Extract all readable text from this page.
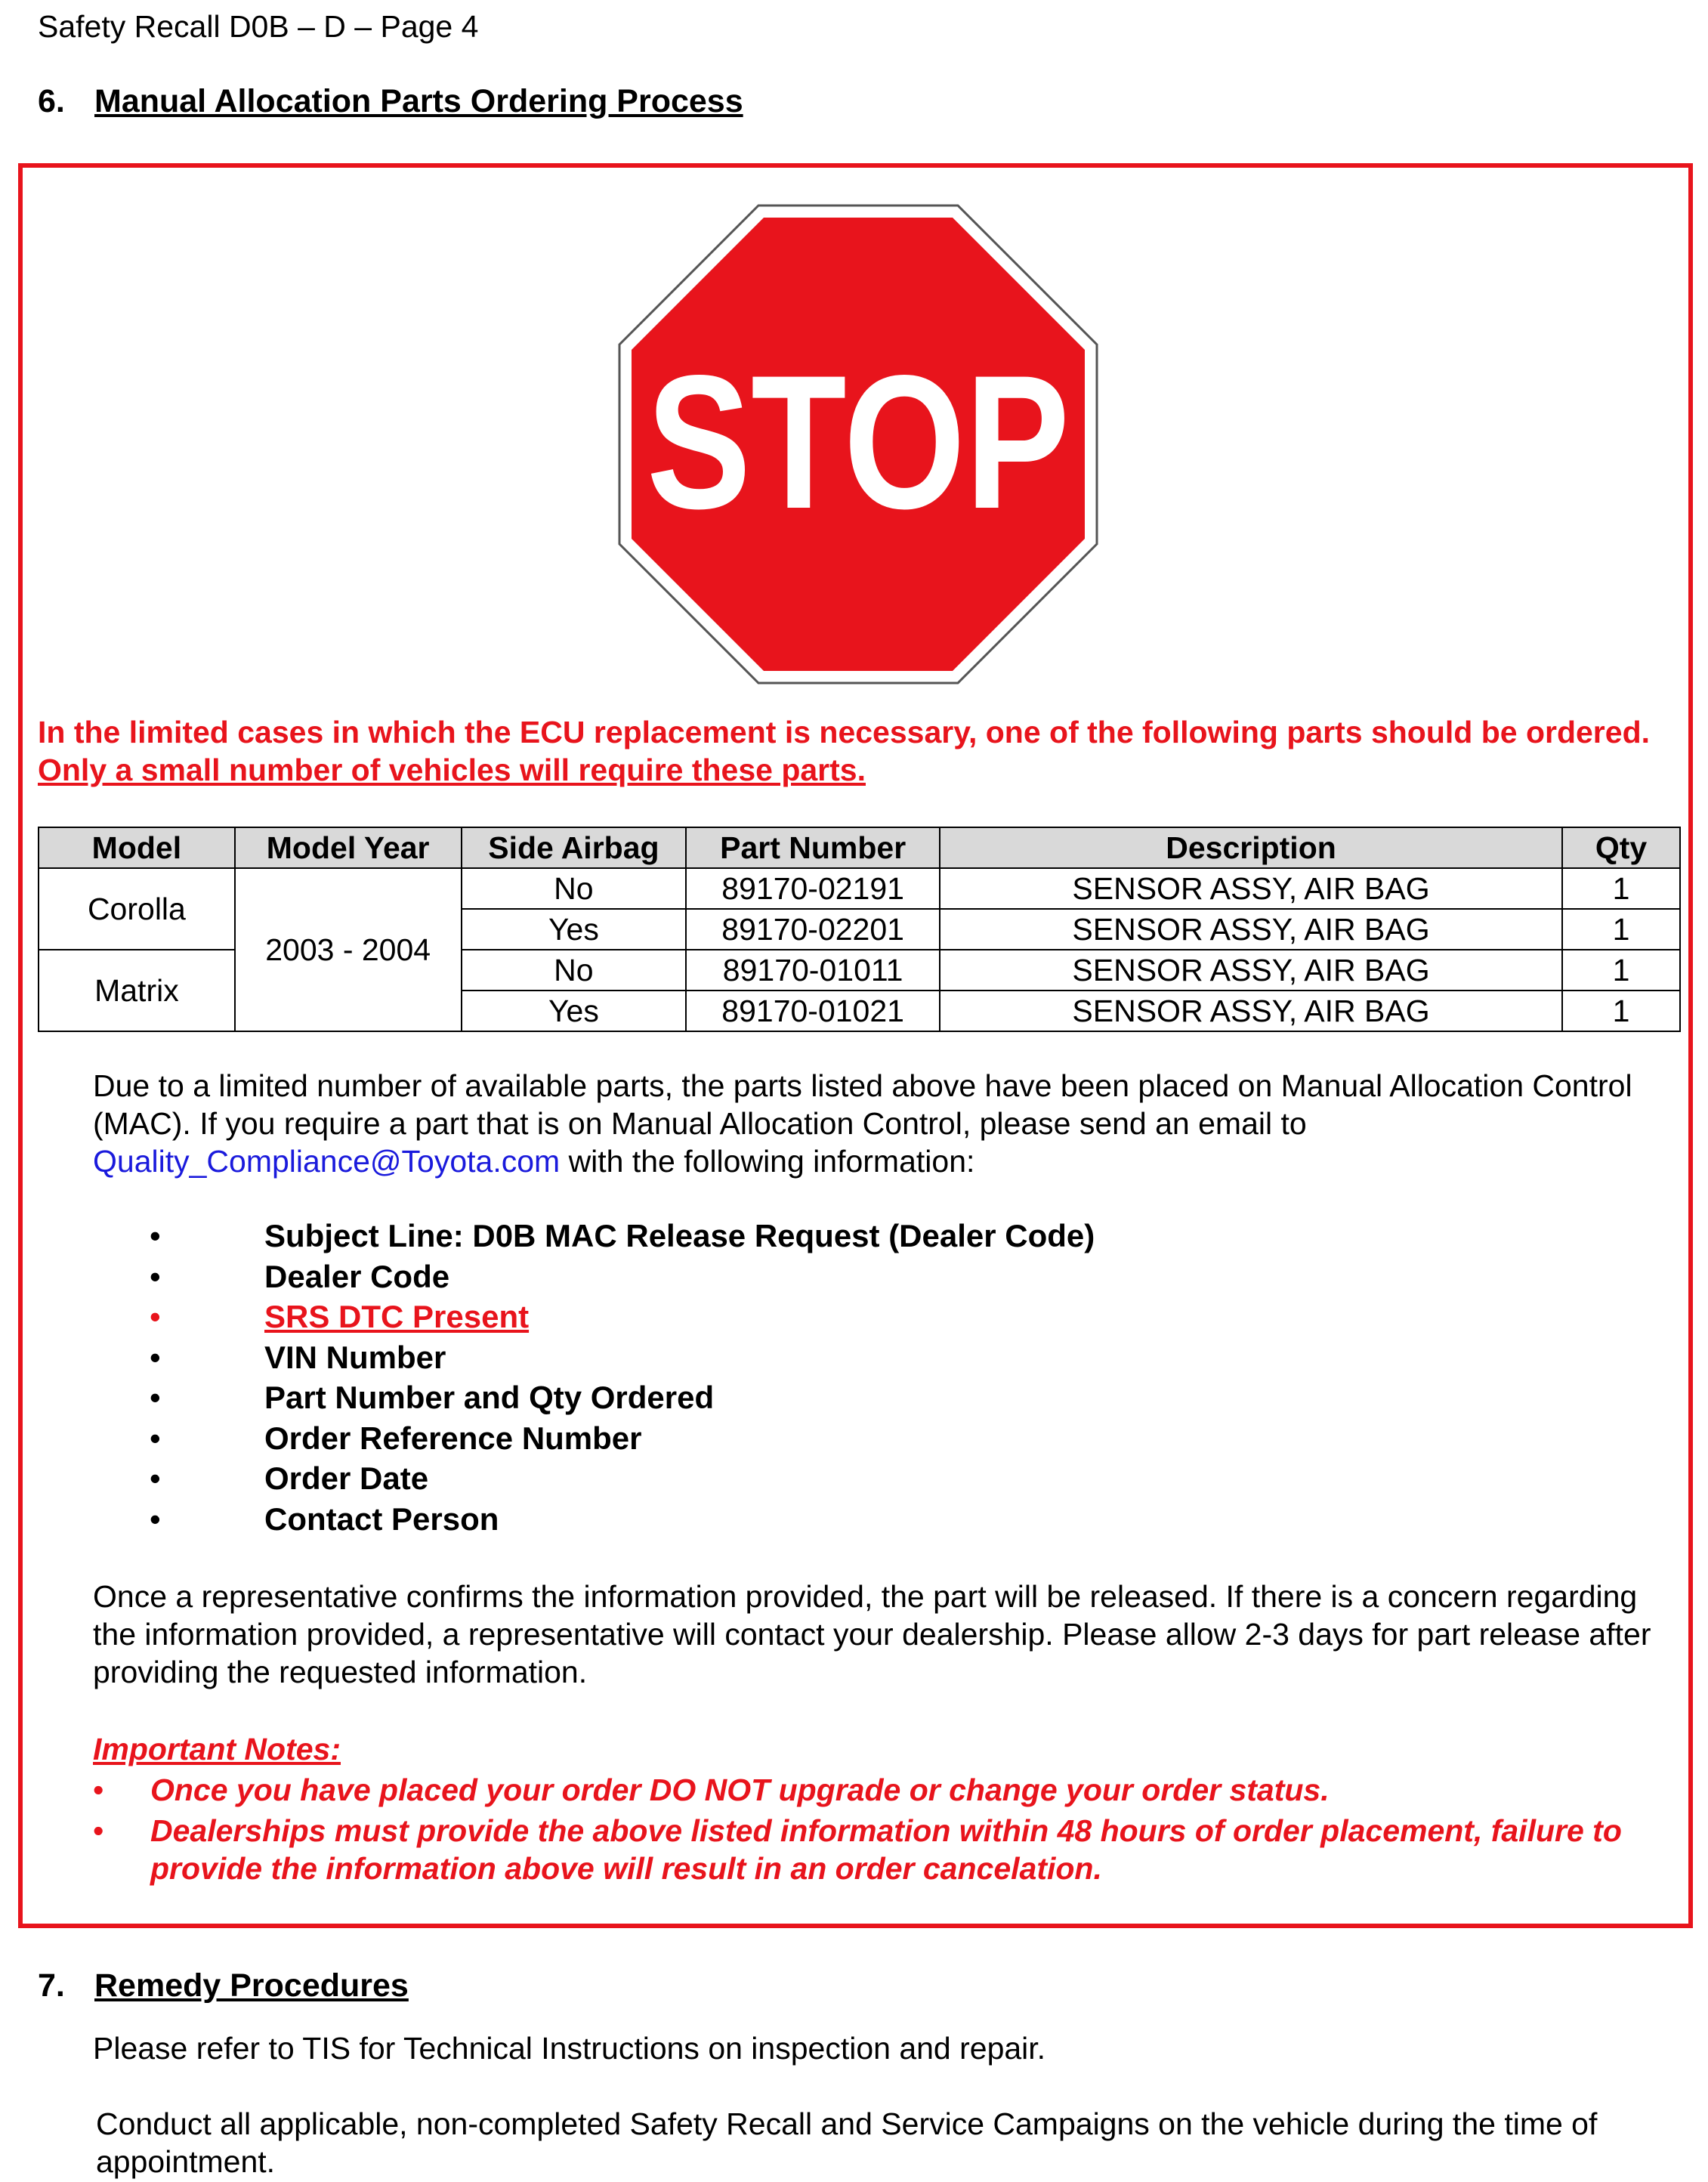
Safety Recall D0B – D – Page 4
6. Manual Allocation Parts Ordering Process
STOP
In the limited cases in which the ECU replacement is necessary, one of the following parts should be ordered. Only a small number of vehicles will require these parts.
Model	Model Year	Side Airbag	Part Number	Description	Qty
Corolla	2003 - 2004	No	89170-02191	SENSOR ASSY, AIR BAG	1
		Yes	89170-02201	SENSOR ASSY, AIR BAG	1
Matrix		No	89170-01011	SENSOR ASSY, AIR BAG	1
		Yes	89170-01021	SENSOR ASSY, AIR BAG	1
Due to a limited number of available parts, the parts listed above have been placed on Manual Allocation Control (MAC). If you require a part that is on Manual Allocation Control, please send an email to Quality_Compliance@Toyota.com with the following information:
•	Subject Line: D0B MAC Release Request (Dealer Code)
•	Dealer Code
•	SRS DTC Present
•	VIN Number
•	Part Number and Qty Ordered
•	Order Reference Number
•	Order Date
•	Contact Person
Once a representative confirms the information provided, the part will be released. If there is a concern regarding the information provided, a representative will contact your dealership. Please allow 2-3 days for part release after providing the requested information.
Important Notes:
• Once you have placed your order DO NOT upgrade or change your order status.
• Dealerships must provide the above listed information within 48 hours of order placement, failure to provide the information above will result in an order cancelation.
7. Remedy Procedures
Please refer to TIS for Technical Instructions on inspection and repair.
Conduct all applicable, non-completed Safety Recall and Service Campaigns on the vehicle during the time of appointment.
